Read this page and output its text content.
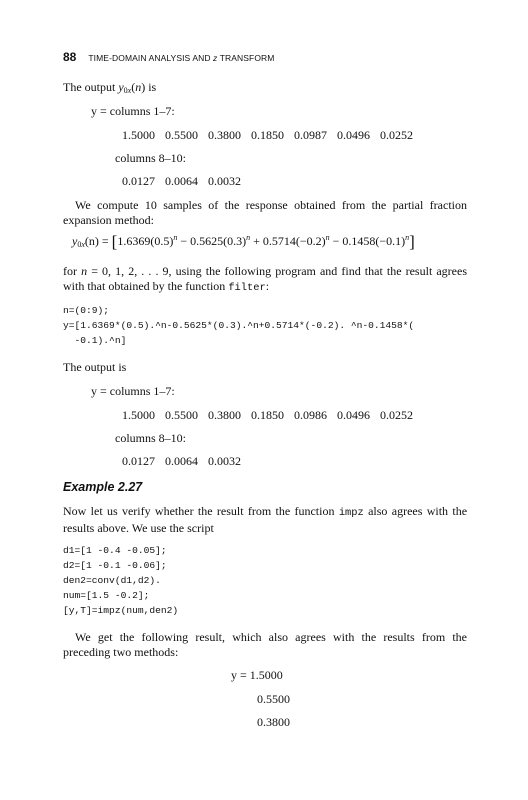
88 TIME-DOMAIN ANALYSIS AND z TRANSFORM
The output $y_{0x}(n)$ is
y = columns 1–7:
1.5000 0.5500 0.3800 0.1850 0.0987 0.0496 0.0252
columns 8–10:
0.0127 0.0064 0.0032
We compute 10 samples of the response obtained from the partial fraction expansion method:
$y_{0x}(n) = [1.6369(0.5)^n - 0.5625(0.3)^n + 0.5714(-0.2)^n - 0.1458(-0.1)^n]$
for n = 0, 1, 2, . . . 9, using the following program and find that the result agrees with that obtained by the function filter:
n=(0:9);
y=[1.6369*(0.5).^n-0.5625*(0.3).^n+0.5714*(-0.2). ^n-0.1458*(
-0.1).^n]
The output is
y = columns 1–7:
1.5000 0.5500 0.3800 0.1850 0.0986 0.0496 0.0252
columns 8–10:
0.0127 0.0064 0.0032
Example 2.27
Now let us verify whether the result from the function impz also agrees with the results above. We use the script
d1=[1 -0.4 -0.05];
d2=[1 -0.1 -0.06];
den2=conv(d1,d2).
num=[1.5 -0.2];
[y,T]=impz(num,den2)
We get the following result, which also agrees with the results from the preceding two methods:
y = 1.5000
0.5500
0.3800
